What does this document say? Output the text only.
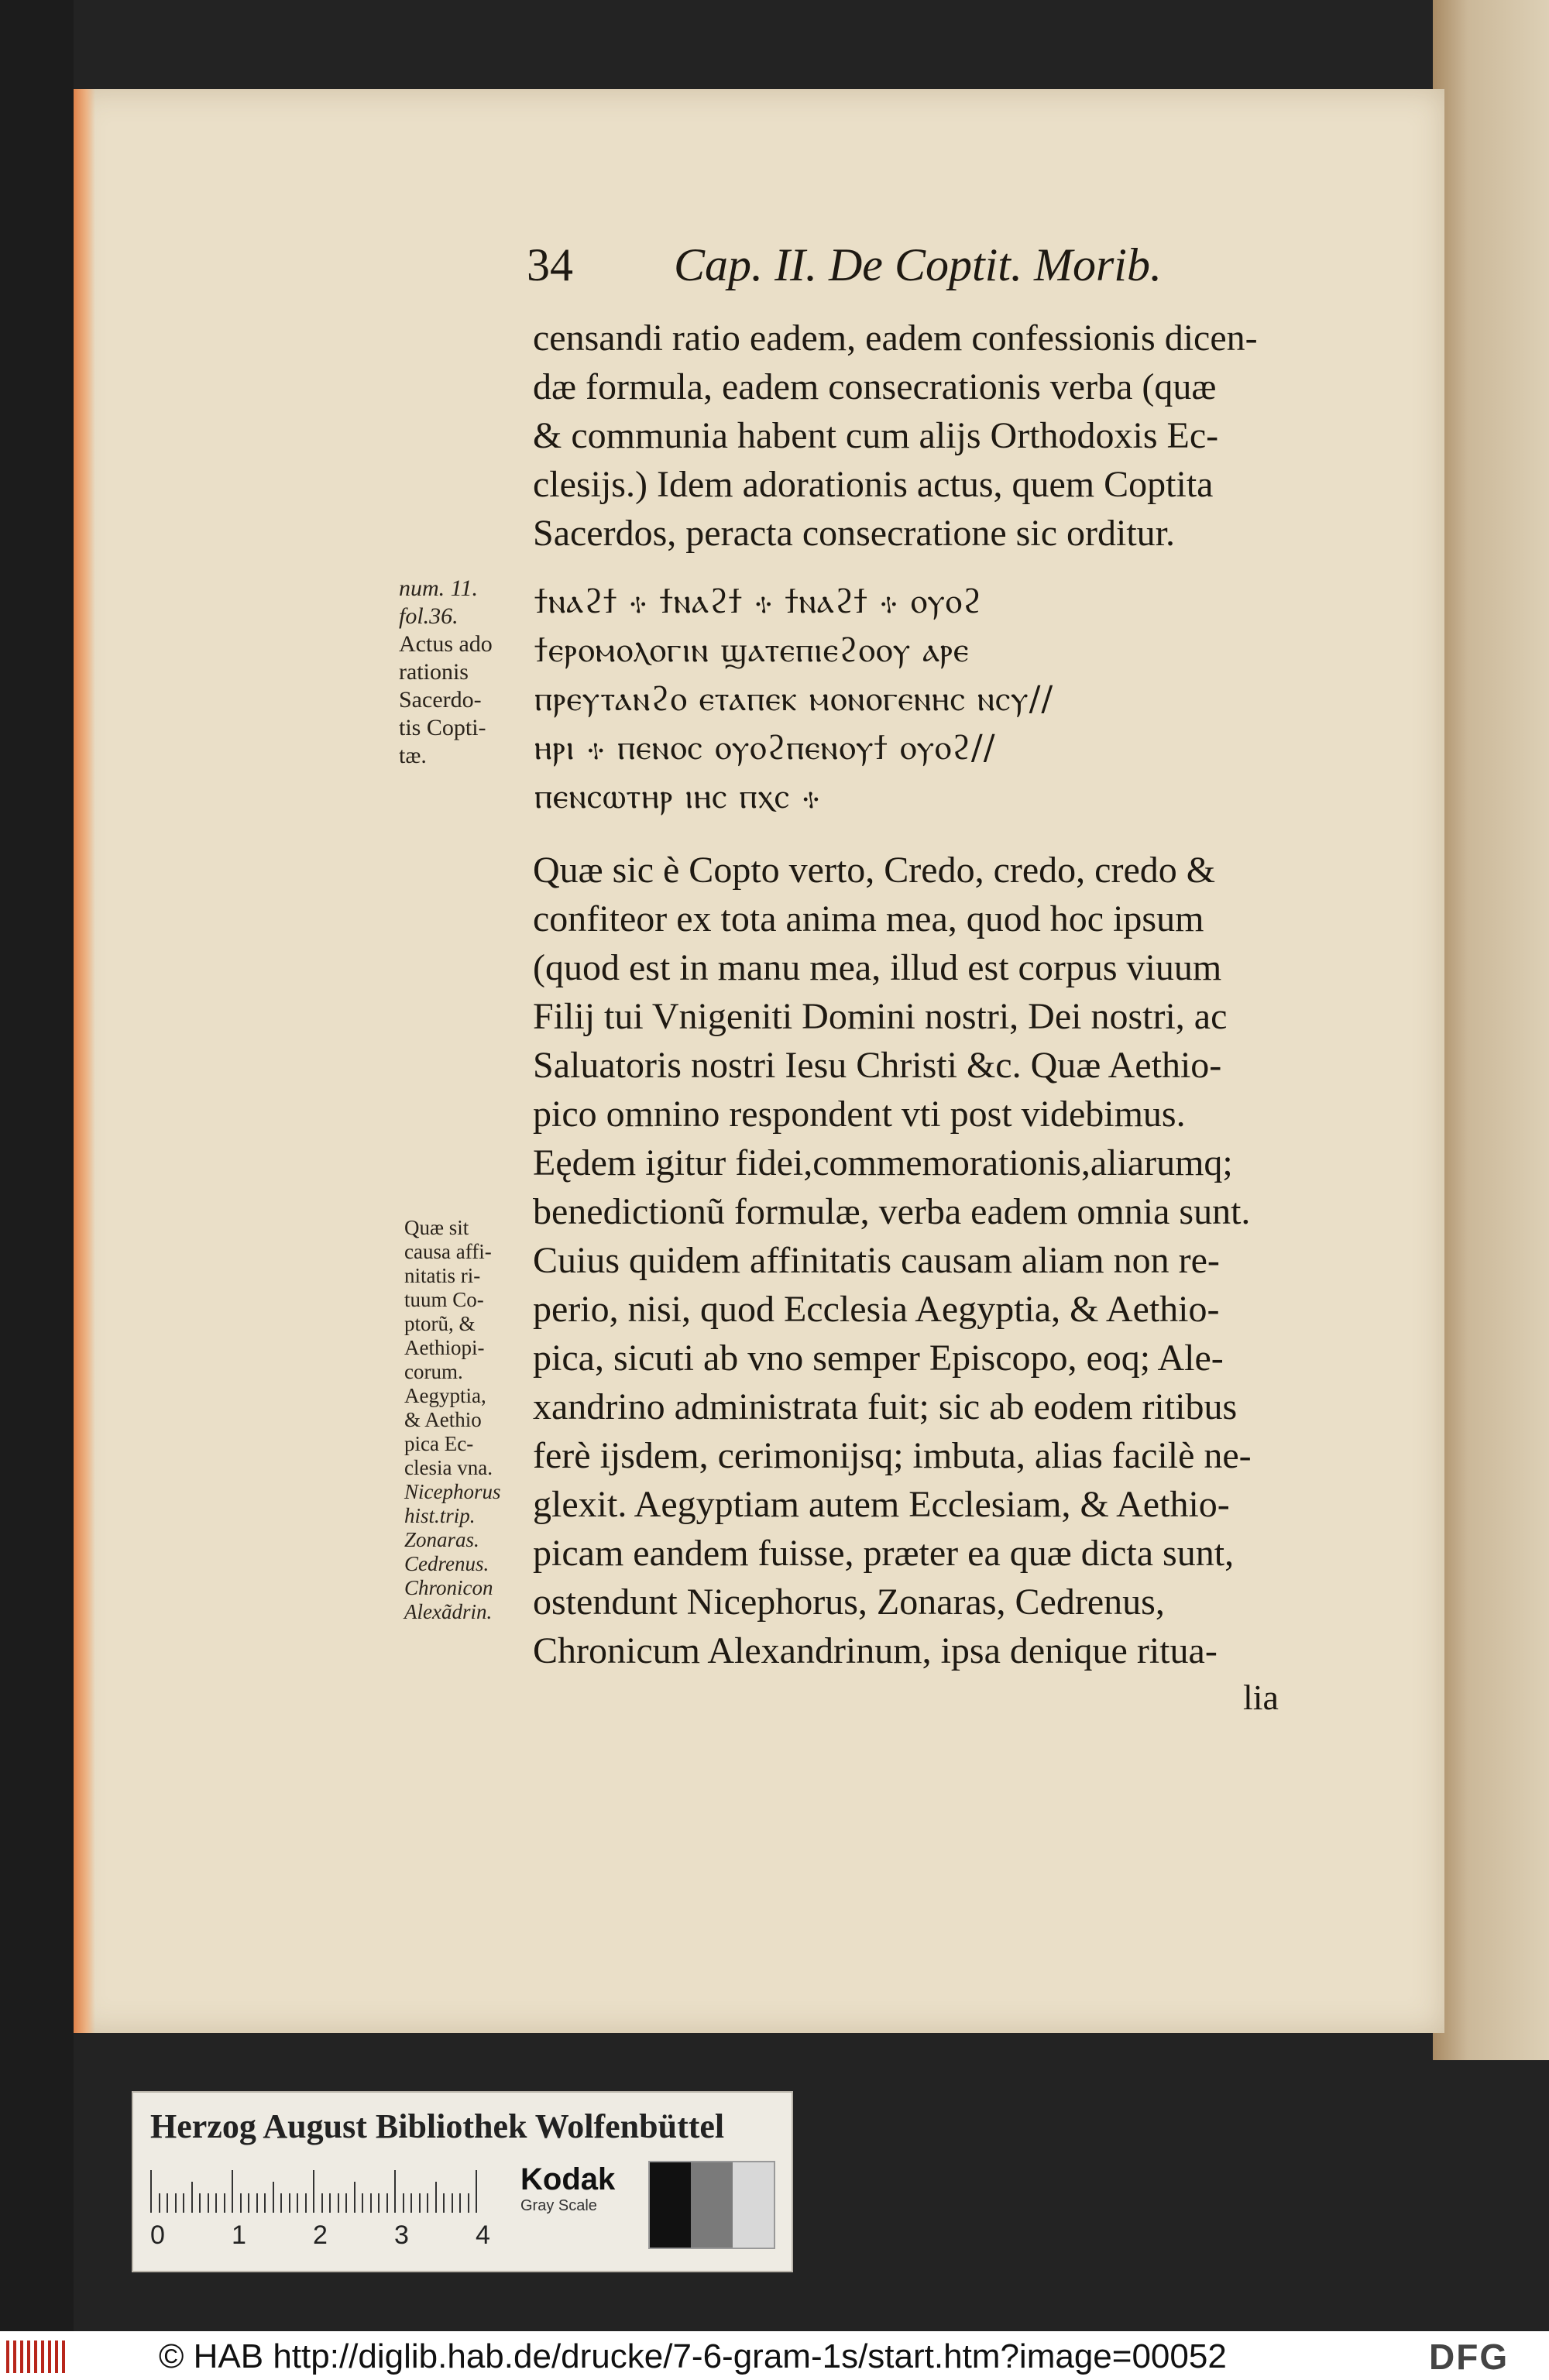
34 Cap. II. De Coptit. Morib.
censandi ratio eadem, eadem confessionis dicen-
dæ formula, eadem consecrationis verba (quæ
& communia habent cum alijs Orthodoxis Ec-
clesijs.) Idem adorationis actus, quem Coptita
Sacerdos, peracta consecratione sic orditur.
ϯⲛⲁϩϯ ⳾ ϯⲛⲁϩϯ ⳾ ϯⲛⲁϩϯ ⳾ ⲟⲩⲟϩ
ϯⲉⲣⲟⲙⲟⲗⲟⲅⲓⲛ ϣⲁⲧⲉⲡⲓⲉϩⲟⲟⲩ ⲁⲣⲉ
ⲡⲣⲉⲩⲧⲁⲛϩⲟ ⲉⲧⲁⲡⲉⲕ ⲙⲟⲛⲟⲅⲉⲛⲏⲥ ⲛⲥⲩ//
ⲏⲣⲓ ⳾ ⲡⲉⲛⲟⲥ ⲟⲩⲟϩⲡⲉⲛⲟⲩϯ ⲟⲩⲟϩ//
ⲡⲉⲛⲥⲱⲧⲏⲣ ⲓⲏⲥ ⲡⲭⲥ ⳾
Quæ sic è Copto verto, Credo, credo, credo &
confiteor ex tota anima mea, quod hoc ipsum
(quod est in manu mea, illud est corpus viuum
Filij tui Vnigeniti Domini nostri, Dei nostri, ac
Saluatoris nostri Iesu Christi &c. Quæ Aethio-
pico omnino respondent vti post videbimus.
Eędem igitur fidei,commemorationis,aliarumq;
benedictionũ formulæ, verba eadem omnia sunt.
Cuius quidem affinitatis causam aliam non re-
perio, nisi, quod Ecclesia Aegyptia, & Aethio-
pica, sicuti ab vno semper Episcopo, eoq; Ale-
xandrino administrata fuit; sic ab eodem ritibus
ferè ijsdem, cerimonijsq; imbuta, alias facilè ne-
glexit. Aegyptiam autem Ecclesiam, & Aethio-
picam eandem fuisse, præter ea quæ dicta sunt,
ostendunt Nicephorus, Zonaras, Cedrenus,
Chronicum Alexandrinum, ipsa denique ritua-
lia
num. 11.
fol.36.
Actus ado
rationis
Sacerdo-
tis Copti-
tæ.
Quæ sit
causa affi-
nitatis ri-
tuum Co-
ptorũ, &
Aethiopi-
corum.
Aegyptia,
& Aethio
pica Ec-
clesia vna.
Nicephorus
hist.trip.
Zonaras.
Cedrenus.
Chronicon
Alexãdrin.
Herzog August Bibliothek Wolfenbüttel
0	1	2	3	4
Kodak
Gray Scale
© HAB http://diglib.hab.de/drucke/7-6-gram-1s/start.htm?image=00052	DFG
